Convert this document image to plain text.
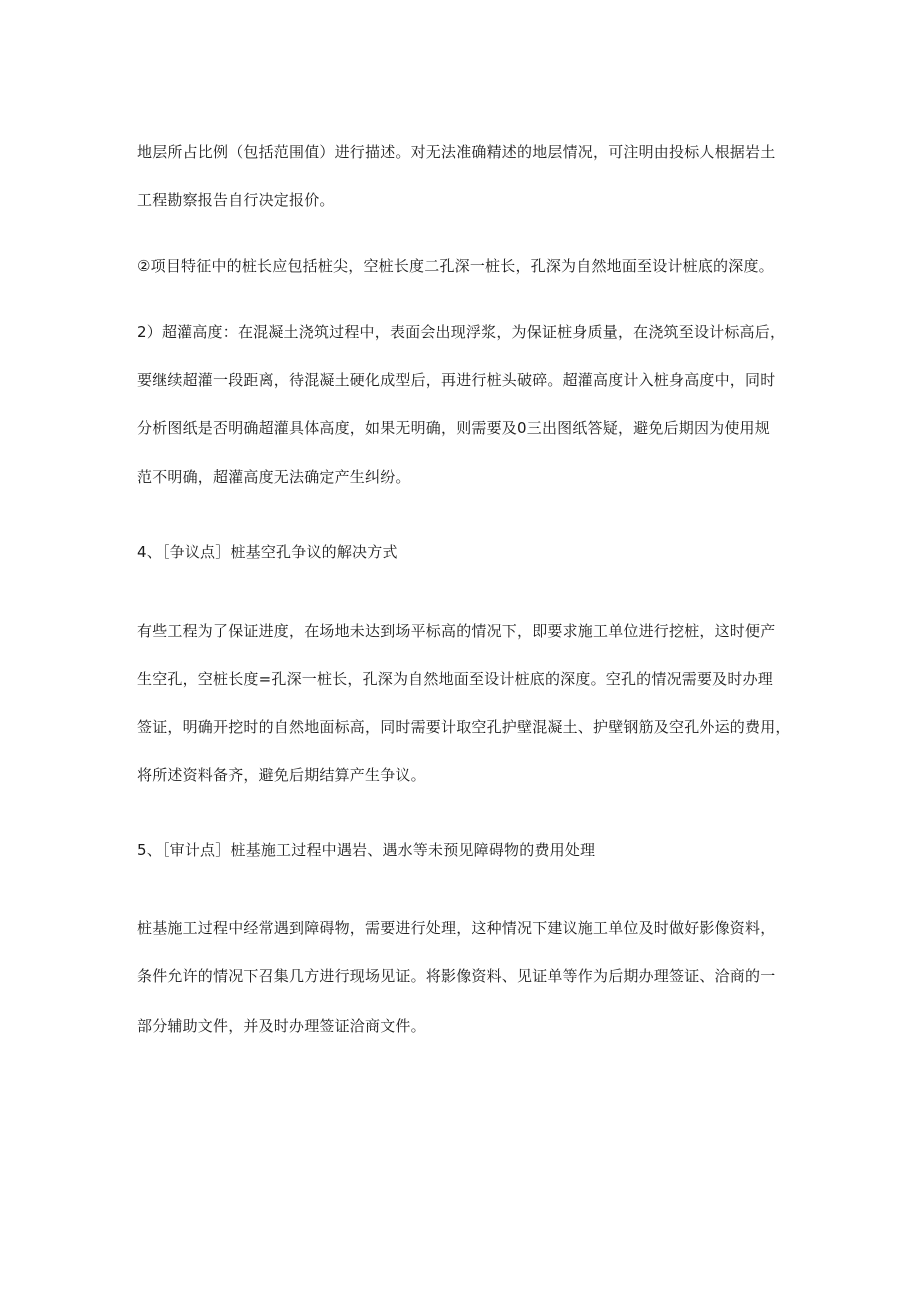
地层所占比例（包括范围值）进行描述。对无法准确精述的地层情况，可注明由投标人根据岩土
工程勘察报告自行决定报价。
②项目特征中的桩长应包括桩尖，空桩长度二孔深一桩长，孔深为自然地面至设计桩底的深度。
2）超灌高度：在混凝土浇筑过程中，表面会出现浮浆，为保证桩身质量，在浇筑至设计标高后，
要继续超灌一段距离，待混凝土硬化成型后，再进行桩头破碎。超灌高度计入桩身高度中，同时
分析图纸是否明确超灌具体高度，如果无明确，则需要及0三出图纸答疑，避免后期因为使用规
范不明确，超灌高度无法确定产生纠纷。
4、［争议点］桩基空孔争议的解决方式
有些工程为了保证进度，在场地未达到场平标高的情况下，即要求施工单位进行挖桩，这时便产
生空孔，空桩长度=孔深一桩长，孔深为自然地面至设计桩底的深度。空孔的情况需要及时办理
签证，明确开挖时的自然地面标高，同时需要计取空孔护壁混凝土、护壁钢筋及空孔外运的费用，
将所述资料备齐，避免后期结算产生争议。
5、［审计点］桩基施工过程中遇岩、遇水等未预见障碍物的费用处理
桩基施工过程中经常遇到障碍物，需要进行处理，这种情况下建议施工单位及时做好影像资料，
条件允许的情况下召集几方进行现场见证。将影像资料、见证单等作为后期办理签证、洽商的一
部分辅助文件，并及时办理签证洽商文件。
